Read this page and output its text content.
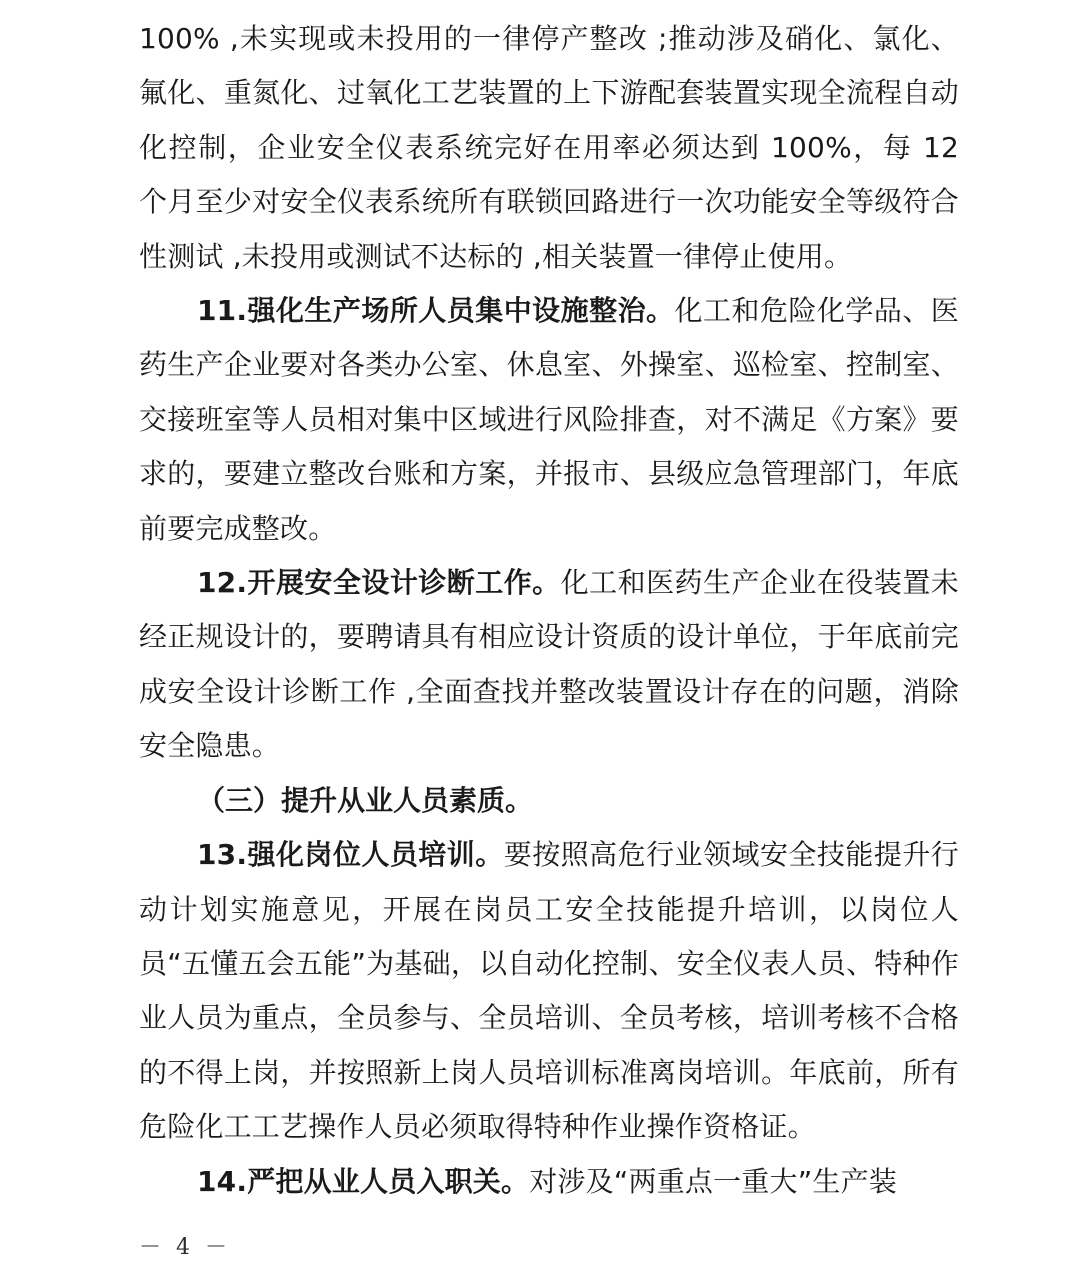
100% ,未实现或未投用的一律停产整改 ;推动涉及硝化、氯化、氟化、重氮化、过氧化工艺装置的上下游配套装置实现全流程自动化控制，企业安全仪表系统完好在用率必须达到 100%，每 12 个月至少对安全仪表系统所有联锁回路进行一次功能安全等级符合性测试 ,未投用或测试不达标的 ,相关装置一律停止使用。

11.强化生产场所人员集中设施整治。化工和危险化学品、医药生产企业要对各类办公室、休息室、外操室、巡检室、控制室、交接班室等人员相对集中区域进行风险排查，对不满足《方案》要求的，要建立整改台账和方案，并报市、县级应急管理部门，年底前要完成整改。

12.开展安全设计诊断工作。化工和医药生产企业在役装置未经正规设计的，要聘请具有相应设计资质的设计单位，于年底前完成安全设计诊断工作 ,全面查找并整改装置设计存在的问题，消除安全隐患。

（三）提升从业人员素质。

13.强化岗位人员培训。要按照高危行业领域安全技能提升行动计划实施意见，开展在岗员工安全技能提升培训，以岗位人员“五懂五会五能”为基础，以自动化控制、安全仪表人员、特种作业人员为重点，全员参与、全员培训、全员考核，培训考核不合格的不得上岗，并按照新上岗人员培训标准离岗培训。年底前，所有危险化工工艺操作人员必须取得特种作业操作资格证。

14.严把从业人员入职关。对涉及“两重点一重大”生产装

－ 4 －
